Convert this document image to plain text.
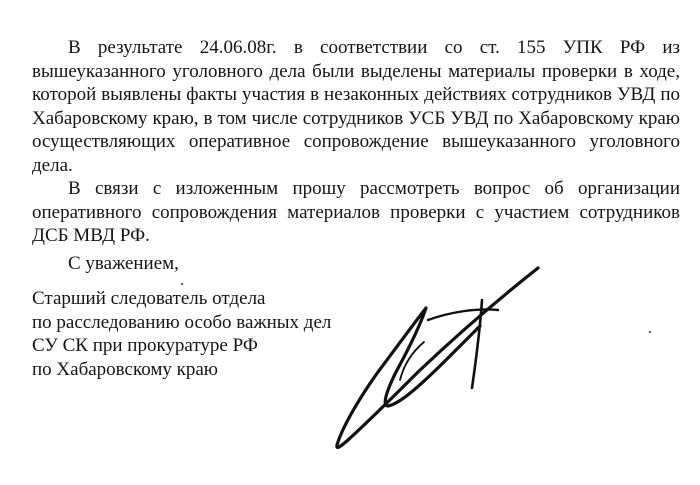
В результате 24.06.08г. в соответствии со ст. 155 УПК РФ из вышеуказанного уголовного дела были выделены материалы проверки в ходе, которой выявлены факты участия в незаконных действиях сотрудников УВД по Хабаровскому краю, в том числе сотрудников УСБ УВД по Хабаровскому краю осуществляющих оперативное сопровождение вышеуказанного уголовного дела.

В связи с изложенным прошу рассмотреть вопрос об организации оперативного сопровождения материалов проверки с участием сотрудников ДСБ МВД РФ.

С уважением,

Старший следователь отдела
по расследованию особо важных дел
СУ СК при прокуратуре РФ
по Хабаровскому краю
